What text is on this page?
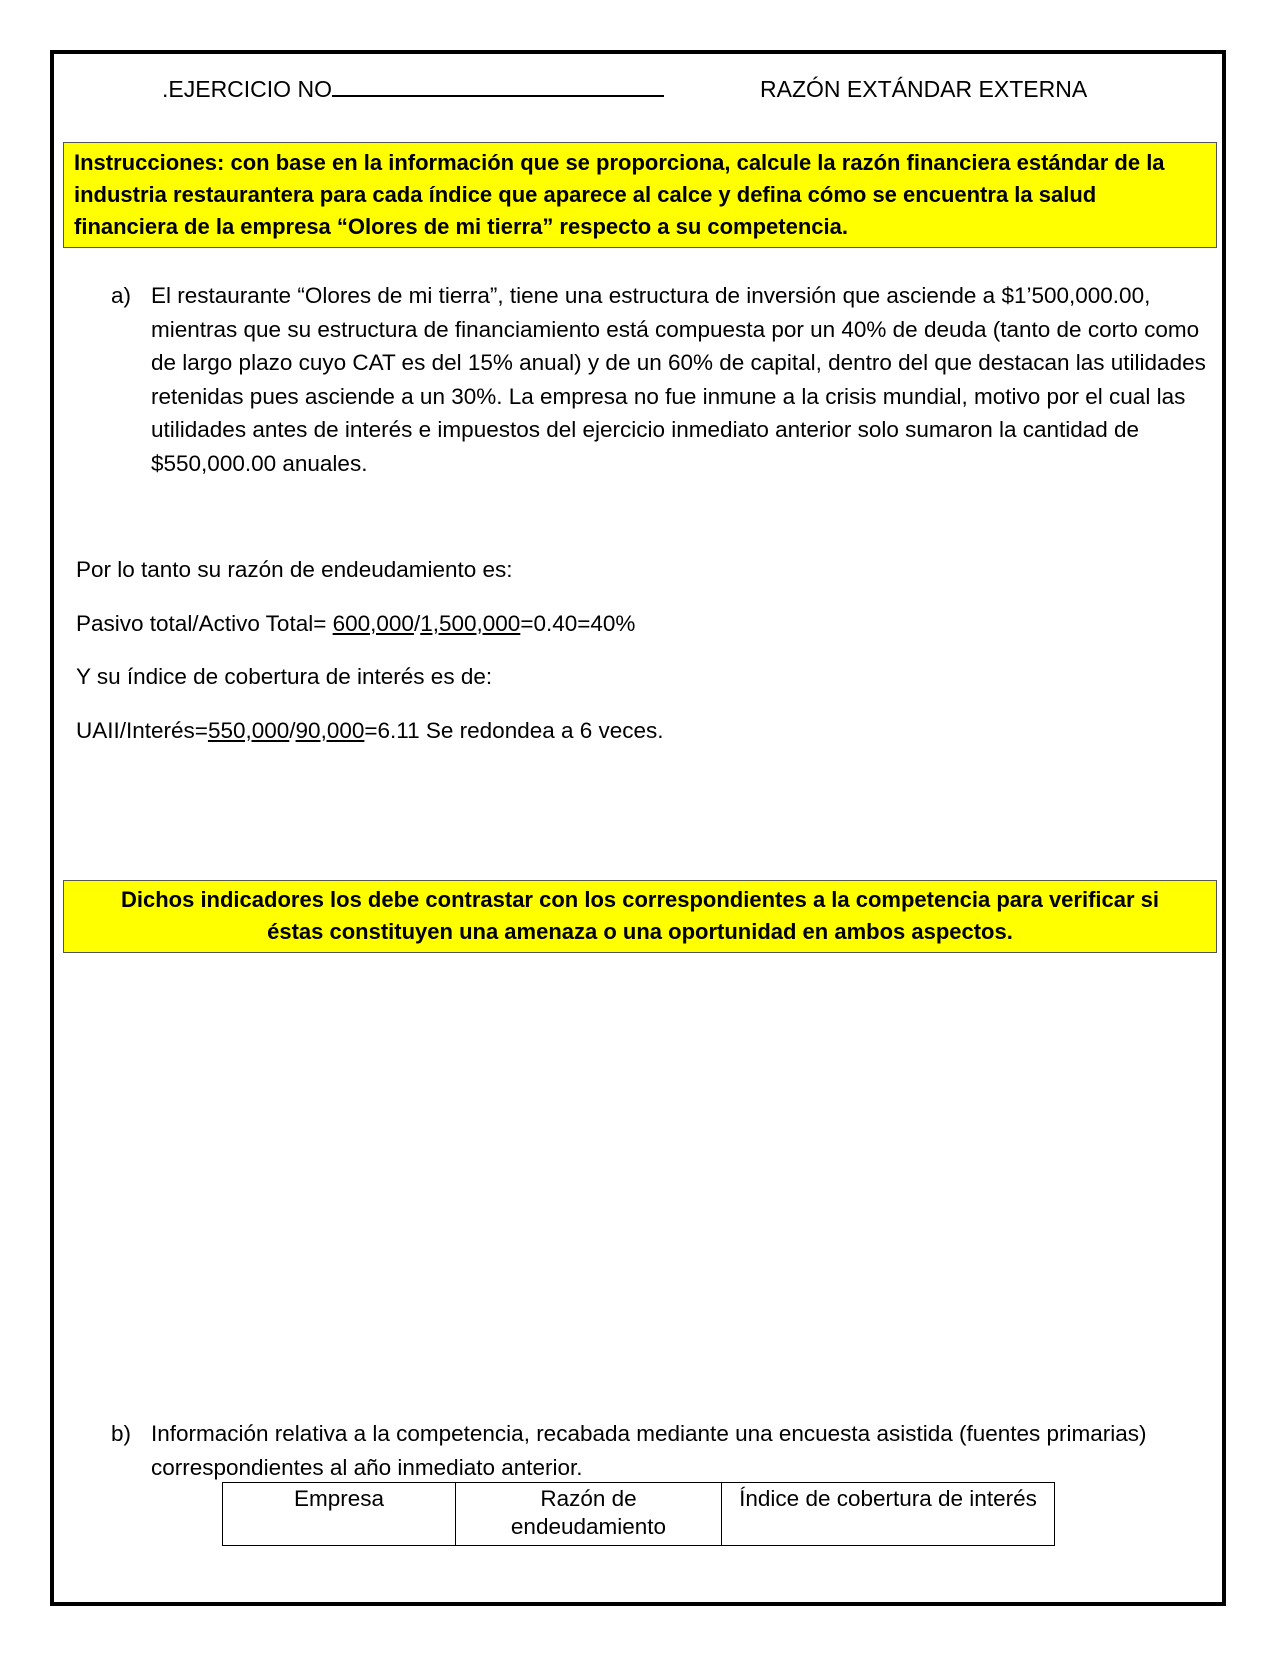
.EJERCICIO NO	RAZÓN EXTÁNDAR EXTERNA
Instrucciones: con base en la información que se proporciona, calcule la razón financiera estándar de la industria restaurantera para cada índice que aparece al calce y defina cómo se encuentra la salud financiera de la empresa “Olores de mi tierra” respecto a su competencia.
a) El restaurante “Olores de mi tierra”, tiene una estructura de inversión que asciende a $1’500,000.00, mientras que su estructura de financiamiento está compuesta por un 40% de deuda (tanto de corto como de largo plazo cuyo CAT es del 15% anual) y de un 60% de capital, dentro del que destacan las utilidades retenidas pues asciende a un 30%. La empresa no fue inmune a la crisis mundial, motivo por el cual las utilidades antes de interés e impuestos del ejercicio inmediato anterior solo sumaron la cantidad de $550,000.00 anuales.
Por lo tanto su razón de endeudamiento es:
Pasivo total/Activo Total= 600,000/1,500,000=0.40=40%
Y su índice de cobertura de interés es de:
UAII/Interés=550,000/90,000=6.11 Se redondea a 6 veces.
Dichos indicadores los debe contrastar con los correspondientes a la competencia para verificar si éstas constituyen una amenaza o una oportunidad en ambos aspectos.
b) Información relativa a la competencia, recabada mediante una encuesta asistida (fuentes primarias) correspondientes al año inmediato anterior.
Empresa	Razón de endeudamiento	Índice de cobertura de interés
